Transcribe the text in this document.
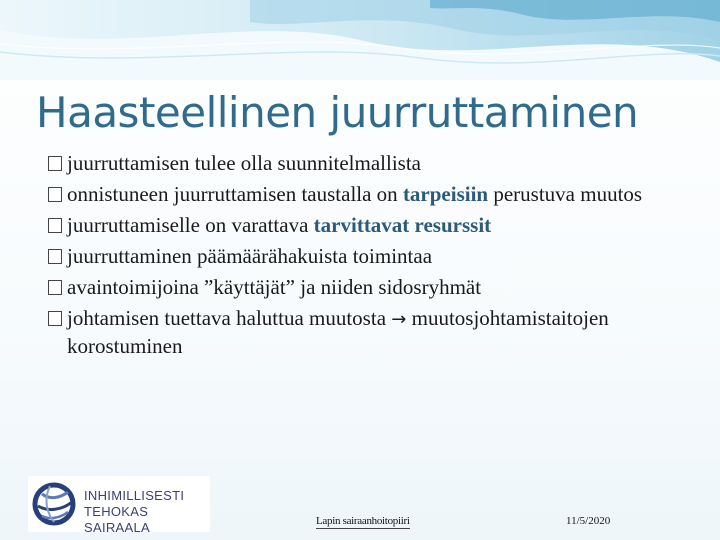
Haasteellinen juurruttaminen
juurruttamisen tulee olla suunnitelmallista
onnistuneen juurruttamisen taustalla on tarpeisiin perustuva muutos
juurruttamiselle on varattava tarvittavat resurssit
juurruttaminen päämäärähakuista toimintaa
avaintoimijoina ”käyttäjät” ja niiden sidosryhmät
johtamisen tuettava haluttua muutosta → muutosjohtamistaitojen korostuminen
INHIMILLISESTI
TEHOKAS SAIRAALA	Lapin sairaanhoitopiiri	11/5/2020
